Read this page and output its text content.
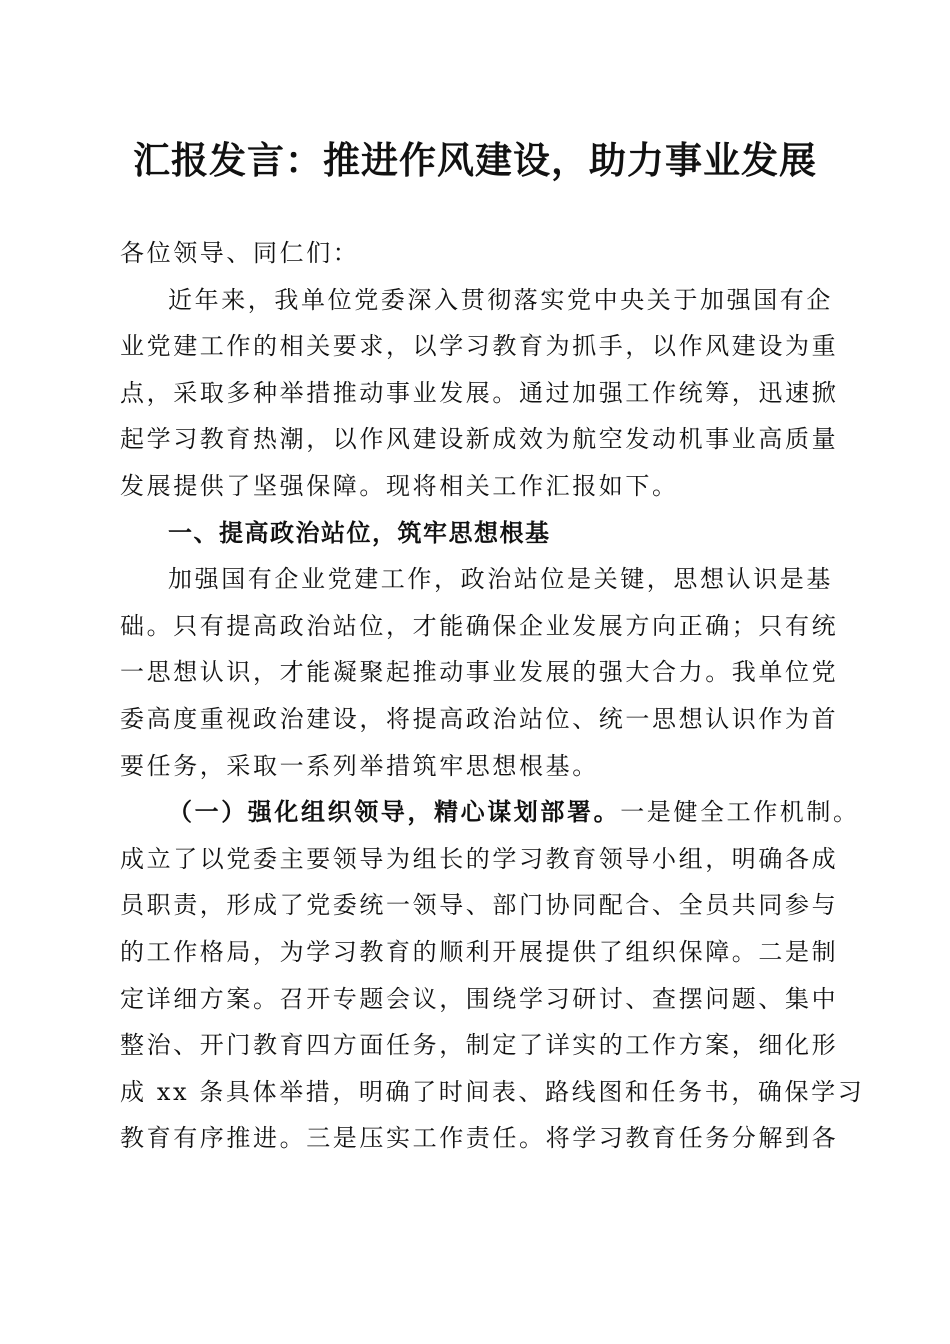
汇报发言：推进作风建设，助力事业发展
各位领导、同仁们：
近年来，我单位党委深入贯彻落实党中央关于加强国有企
业党建工作的相关要求，以学习教育为抓手，以作风建设为重
点，采取多种举措推动事业发展。通过加强工作统筹，迅速掀
起学习教育热潮，以作风建设新成效为航空发动机事业高质量
发展提供了坚强保障。现将相关工作汇报如下。
一、提高政治站位，筑牢思想根基
加强国有企业党建工作，政治站位是关键，思想认识是基
础。只有提高政治站位，才能确保企业发展方向正确；只有统
一思想认识，才能凝聚起推动事业发展的强大合力。我单位党
委高度重视政治建设，将提高政治站位、统一思想认识作为首
要任务，采取一系列举措筑牢思想根基。
（一）强化组织领导，精心谋划部署。一是健全工作机制。
成立了以党委主要领导为组长的学习教育领导小组，明确各成
员职责，形成了党委统一领导、部门协同配合、全员共同参与
的工作格局，为学习教育的顺利开展提供了组织保障。二是制
定详细方案。召开专题会议，围绕学习研讨、查摆问题、集中
整治、开门教育四方面任务，制定了详实的工作方案，细化形
成 xx 条具体举措，明确了时间表、路线图和任务书，确保学习
教育有序推进。三是压实工作责任。将学习教育任务分解到各
